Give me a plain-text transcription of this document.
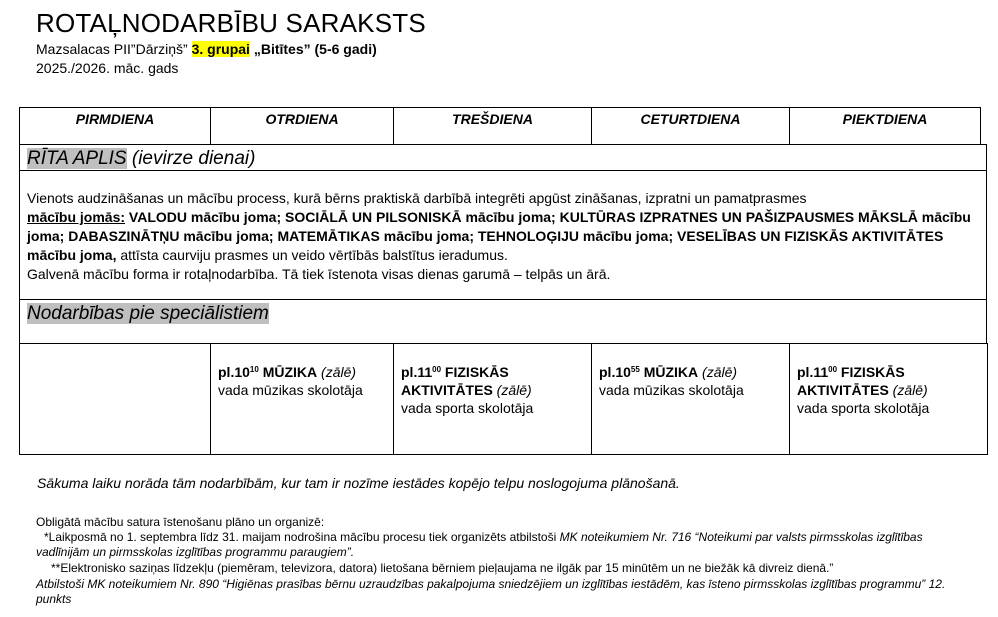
ROTAĻNODARBĪBU SARAKSTS
Mazsalacas PII”Dārziņš” 3. grupai „Bitītes” (5-6 gadi)
2025./2026. māc. gads
PIRMDIENA	OTRDIENA	TREŠDIENA	CETURTDIENA	PIEKTDIENA
RĪTA APLIS (ievirze dienai)
Vienots audzināšanas un mācību process, kurā bērns praktiskā darbībā integrēti apgūst zināšanas, izpratni un pamatprasmes
mācību jomās: VALODU mācību joma; SOCIĀLĀ UN PILSONISKĀ mācību joma; KULTŪRAS IZPRATNES UN PAŠIZPAUSMES MĀKSLĀ mācību joma; DABASZINĀTŅU mācību joma; MATEMĀTIKAS mācību joma; TEHNOLOĢIJU mācību joma; VESELĪBAS UN FIZISKĀS AKTIVITĀTES mācību joma, attīsta caurviju prasmes un veido vērtībās balstītus ieradumus.
Galvenā mācību forma ir rotaļnodarbība. Tā tiek īstenota visas dienas garumā – telpās un ārā.
Nodarbības pie speciālistiem
	$pl.10^{10}$ MŪZIKA (zālē)
vada mūzikas skolotāja	$pl.11^{00}$ FIZISKĀS AKTIVITĀTES (zālē)
vada sporta skolotāja	$pl.10^{55}$ MŪZIKA (zālē)
vada mūzikas skolotāja	$pl.11^{00}$ FIZISKĀS AKTIVITĀTES (zālē)
vada sporta skolotāja
Sākuma laiku norāda tām nodarbībām, kur tam ir nozīme iestādes kopējo telpu noslogojuma plānošanā.
Obligātā mācību satura īstenošanu plāno un organizē:
*Laikposmā no 1. septembra līdz 31. maijam nodrošina mācību procesu tiek organizēts atbilstoši MK noteikumiem Nr. 716 “Noteikumi par valsts pirmsskolas izglītības vadlīnijām un pirmsskolas izglītības programmu paraugiem”.
**Elektronisko saziņas līdzekļu (piemēram, televizora, datora) lietošana bērniem pieļaujama ne ilgāk par 15 minūtēm un ne biežāk kā divreiz dienā.”
Atbilstoši MK noteikumiem Nr. 890 “Higiēnas prasības bērnu uzraudzības pakalpojuma sniedzējiem un izglītības iestādēm, kas īsteno pirmsskolas izglītības programmu” 12. punkts
